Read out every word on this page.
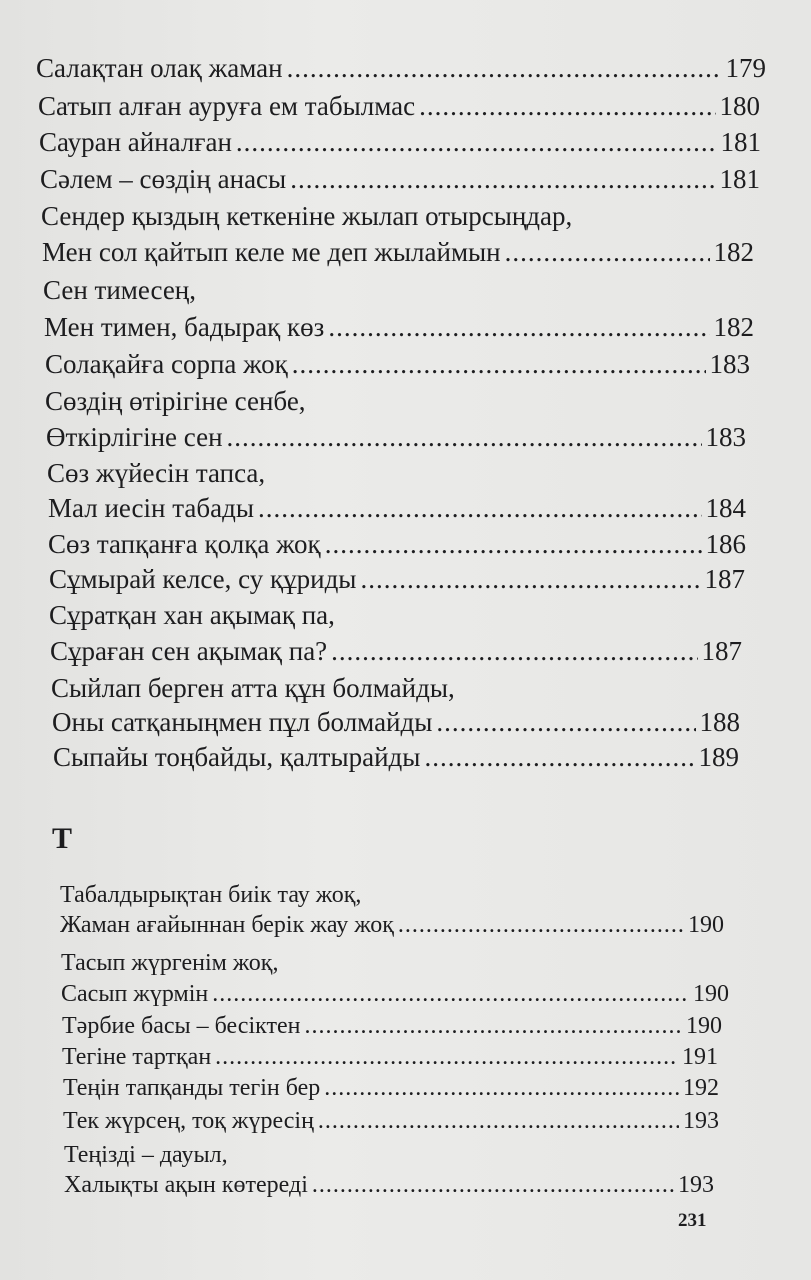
Салақтан олақ жаман .....	179
Сатып алған ауруға ем табылмас .....	180
Сауран айналған .....	181
Сәлем – сөздің анасы .....	181
Сендер қыздың кеткеніне жылап отырсыңдар,
Мен сол қайтып келе ме деп жылаймын .....	182
Сен тимесең,
Мен тимен, бадырақ көз .....	182
Солақайға сорпа жоқ .....	183
Сөздің өтірігіне сенбе,
Өткірлігіне сен .....	183
Сөз жүйесін тапса,
Мал иесін табады .....	184
Сөз тапқанға қолқа жоқ .....	186
Сұмырай келсе, су құриды .....	187
Сұратқан хан ақымақ па,
Сұраған сен ақымақ па? .....	187
Сыйлап берген атта құн болмайды,
Оны сатқаныңмен пұл болмайды .....	188
Сыпайы тоңбайды, қалтырайды .....	189
Табалдырықтан биік тау жоқ,
Жаман ағайыннан берік жау жоқ .....	190
Тасып жүргенім жоқ,
Сасып жүрмін .....	190
Тәрбие басы – бесіктен .....	190
Тегіне тартқан .....	191
Теңін тапқанды тегін бер .....	192
Тек жүрсең, тоқ жүресің .....	193
Теңізді – дауыл,
Халықты ақын көтереді .....	193
Т
231
